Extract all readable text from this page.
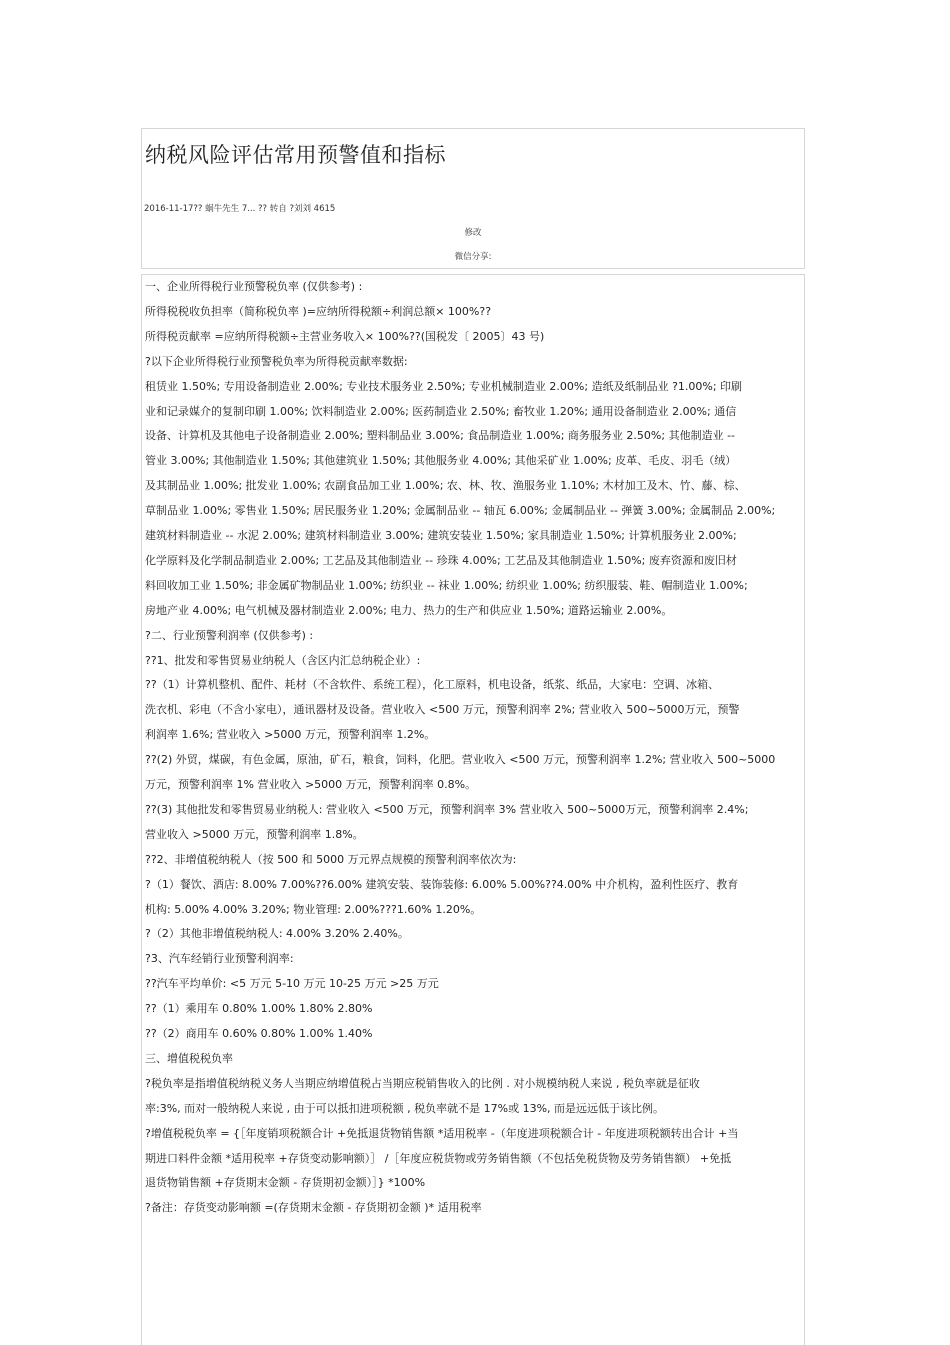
纳税风险评估常用预警值和指标
2016-11-17?? 蜗牛先生 7... ?? 转自 ?刘刘 4615
修改
微信分享:
一、企业所得税行业预警税负率 (仅供参考) :
所得税税收负担率（简称税负率 )=应纳所得税额÷利润总额× 100%??
所得税贡献率 =应纳所得税额÷主营业务收入× 100%??(国税发〔 2005〕43 号)
?以下企业所得税行业预警税负率为所得税贡献率数据:
租赁业 1.50%; 专用设备制造业 2.00%; 专业技术服务业 2.50%; 专业机械制造业 2.00%; 造纸及纸制品业 ?1.00%; 印刷
业和记录媒介的复制印刷 1.00%; 饮料制造业 2.00%; 医药制造业 2.50%; 畜牧业 1.20%; 通用设备制造业 2.00%; 通信
设备、计算机及其他电子设备制造业 2.00%; 塑料制品业 3.00%; 食品制造业 1.00%; 商务服务业 2.50%; 其他制造业 --
管业 3.00%; 其他制造业 1.50%; 其他建筑业 1.50%; 其他服务业 4.00%; 其他采矿业 1.00%; 皮革、毛皮、羽毛（绒）
及其制品业 1.00%; 批发业 1.00%; 农副食品加工业 1.00%; 农、林、牧、渔服务业 1.10%; 木材加工及木、竹、藤、棕、
草制品业 1.00%; 零售业 1.50%; 居民服务业 1.20%; 金属制品业 -- 轴瓦 6.00%; 金属制品业 -- 弹簧 3.00%; 金属制品 2.00%;
建筑材料制造业 -- 水泥 2.00%; 建筑材料制造业 3.00%; 建筑安装业 1.50%; 家具制造业 1.50%; 计算机服务业 2.00%;
化学原料及化学制品制造业 2.00%; 工艺品及其他制造业 -- 珍珠 4.00%; 工艺品及其他制造业 1.50%; 废弃资源和废旧材
料回收加工业 1.50%; 非金属矿物制品业 1.00%; 纺织业 -- 袜业 1.00%; 纺织业 1.00%; 纺织服装、鞋、帽制造业 1.00%;
房地产业 4.00%; 电气机械及器材制造业 2.00%; 电力、热力的生产和供应业 1.50%; 道路运输业 2.00%。
?二、行业预警利润率 (仅供参考) :
??1、批发和零售贸易业纳税人（含区内汇总纳税企业）:
??（1）计算机整机、配件、耗材（不含软件、系统工程），化工原料，机电设备，纸浆、纸品，大家电：空调、冰箱、
洗衣机、彩电（不含小家电），通讯器材及设备。营业收入 <500 万元，预警利润率 2%; 营业收入 500~5000万元，预警
利润率 1.6%; 营业收入 >5000 万元，预警利润率 1.2%。
??(2) 外贸，煤碳，有色金属，原油，矿石，粮食，饲料，化肥。营业收入 <500 万元，预警利润率 1.2%; 营业收入 500~5000
万元，预警利润率 1% 营业收入 >5000 万元，预警利润率 0.8%。
??(3) 其他批发和零售贸易业纳税人: 营业收入 <500 万元，预警利润率 3% 营业收入 500~5000万元，预警利润率 2.4%;
营业收入 >5000 万元，预警利润率 1.8%。
??2、非增值税纳税人（按 500 和 5000 万元界点规模的预警利润率依次为:
?（1）餐饮、酒店: 8.00% 7.00%??6.00% 建筑安装、装饰装修: 6.00% 5.00%??4.00% 中介机构，盈利性医疗、教育
机构: 5.00% 4.00% 3.20%; 物业管理: 2.00%???1.60% 1.20%。
?（2）其他非增值税纳税人: 4.00% 3.20% 2.40%。
?3、汽车经销行业预警利润率:
??汽车平均单价: <5 万元 5-10 万元 10-25 万元 >25 万元
??（1）乘用车 0.80% 1.00% 1.80% 2.80%
??（2）商用车 0.60% 0.80% 1.00% 1.40%
三、增值税税负率
?税负率是指增值税纳税义务人当期应纳增值税占当期应税销售收入的比例 . 对小规模纳税人来说 , 税负率就是征收
率:3%, 而对一般纳税人来说 , 由于可以抵扣进项税额 , 税负率就不是 17%或 13%, 而是远远低于该比例。
?增值税税负率 = {［年度销项税额合计 +免抵退货物销售额 *适用税率 -（年度进项税额合计 - 年度进项税额转出合计 +当
期进口料件金额 *适用税率 +存货变动影响额）］ /［年度应税货物或劳务销售额（不包括免税货物及劳务销售额） +免抵
退货物销售额 +存货期末金额 - 存货期初金额）］} *100%
?备注：存货变动影响额 =(存货期末金额 - 存货期初金额 )* 适用税率
